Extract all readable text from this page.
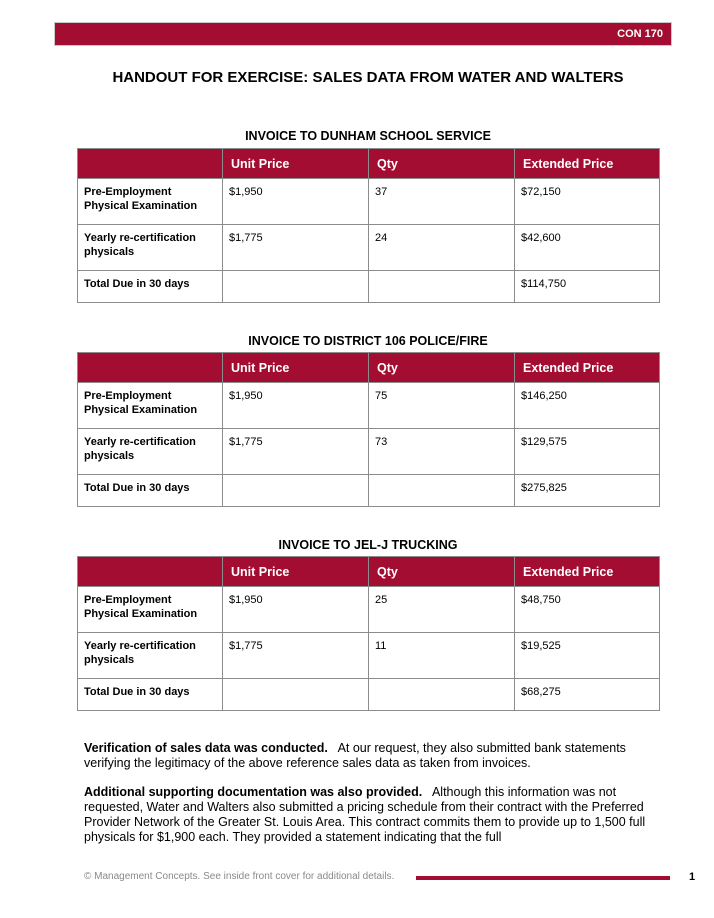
CON 170
HANDOUT FOR EXERCISE: SALES DATA FROM WATER AND WALTERS
INVOICE TO DUNHAM SCHOOL SERVICE
	Unit Price	Qty	Extended Price
Pre-Employment Physical Examination	$1,950	37	$72,150
Yearly re-certification physicals	$1,775	24	$42,600
Total Due in 30 days			$114,750
INVOICE TO DISTRICT 106 POLICE/FIRE
	Unit Price	Qty	Extended Price
Pre-Employment Physical Examination	$1,950	75	$146,250
Yearly re-certification physicals	$1,775	73	$129,575
Total Due in 30 days			$275,825
INVOICE TO JEL-J TRUCKING
	Unit Price	Qty	Extended Price
Pre-Employment Physical Examination	$1,950	25	$48,750
Yearly re-certification physicals	$1,775	11	$19,525
Total Due in 30 days			$68,275
Verification of sales data was conducted. At our request, they also submitted bank statements verifying the legitimacy of the above reference sales data as taken from invoices.
Additional supporting documentation was also provided. Although this information was not requested, Water and Walters also submitted a pricing schedule from their contract with the Preferred Provider Network of the Greater St. Louis Area. This contract commits them to provide up to 1,500 full physicals for $1,900 each. They provided a statement indicating that the full
© Management Concepts. See inside front cover for additional details.	1
